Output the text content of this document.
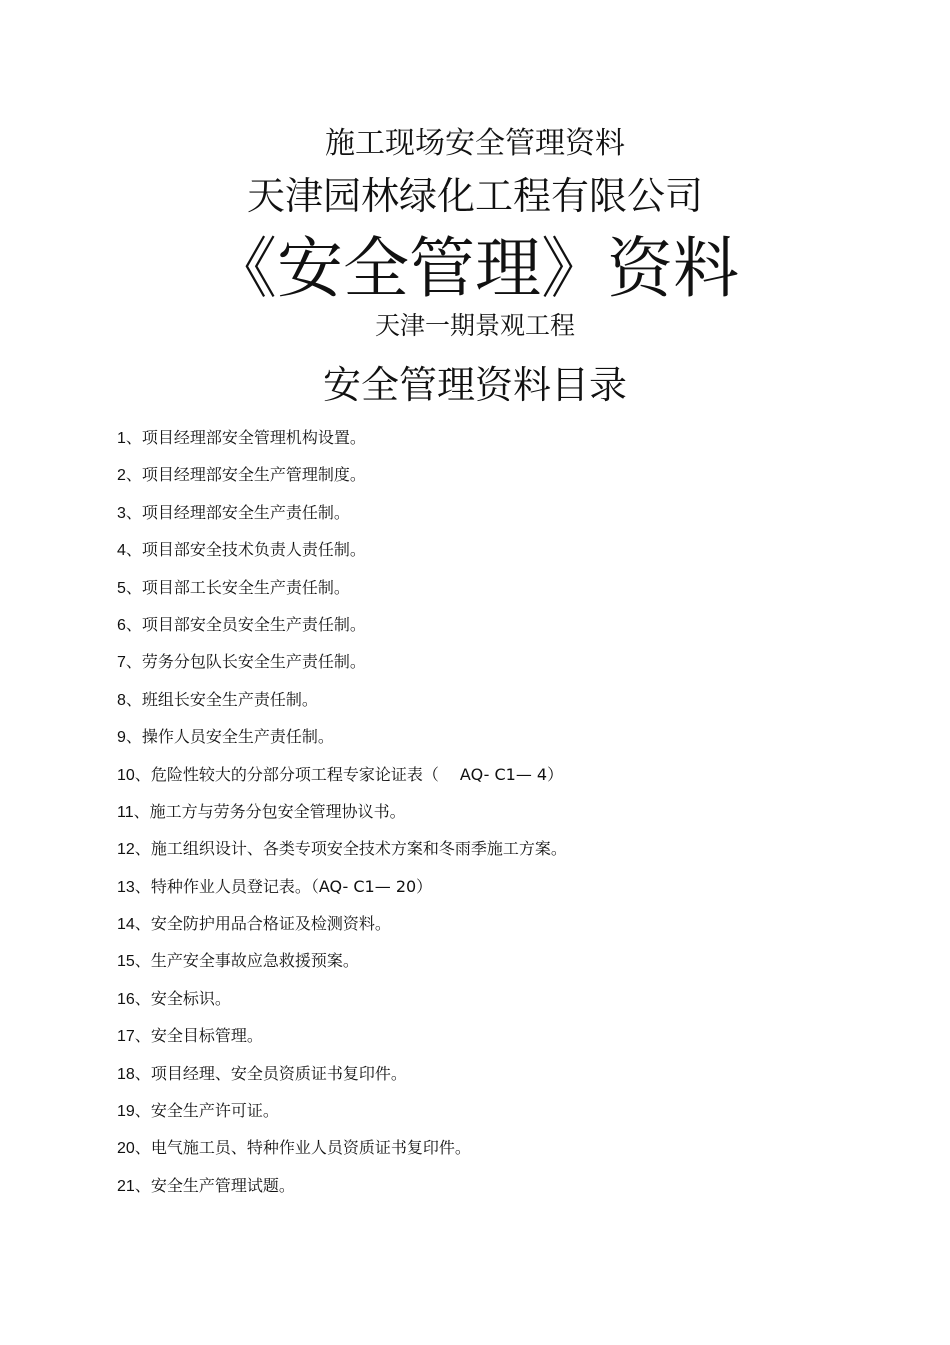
施工现场安全管理资料
天津园林绿化工程有限公司
《安全管理》资料
天津一期景观工程
安全管理资料目录
1、项目经理部安全管理机构设置。
2、项目经理部安全生产管理制度。
3、项目经理部安全生产责任制。
4、项目部安全技术负责人责任制。
5、项目部工长安全生产责任制。
6、项目部安全员安全生产责任制。
7、劳务分包队长安全生产责任制。
8、班组长安全生产责任制。
9、操作人员安全生产责任制。
10、危险性较大的分部分项工程专家论证表（　 AQ- C1— 4）
11、施工方与劳务分包安全管理协议书。
12、施工组织设计、各类专项安全技术方案和冬雨季施工方案。
13、特种作业人员登记表。（AQ- C1— 20）
14、安全防护用品合格证及检测资料。
15、生产安全事故应急救援预案。
16、安全标识。
17、安全目标管理。
18、项目经理、安全员资质证书复印件。
19、安全生产许可证。
20、电气施工员、特种作业人员资质证书复印件。
21、安全生产管理试题。
